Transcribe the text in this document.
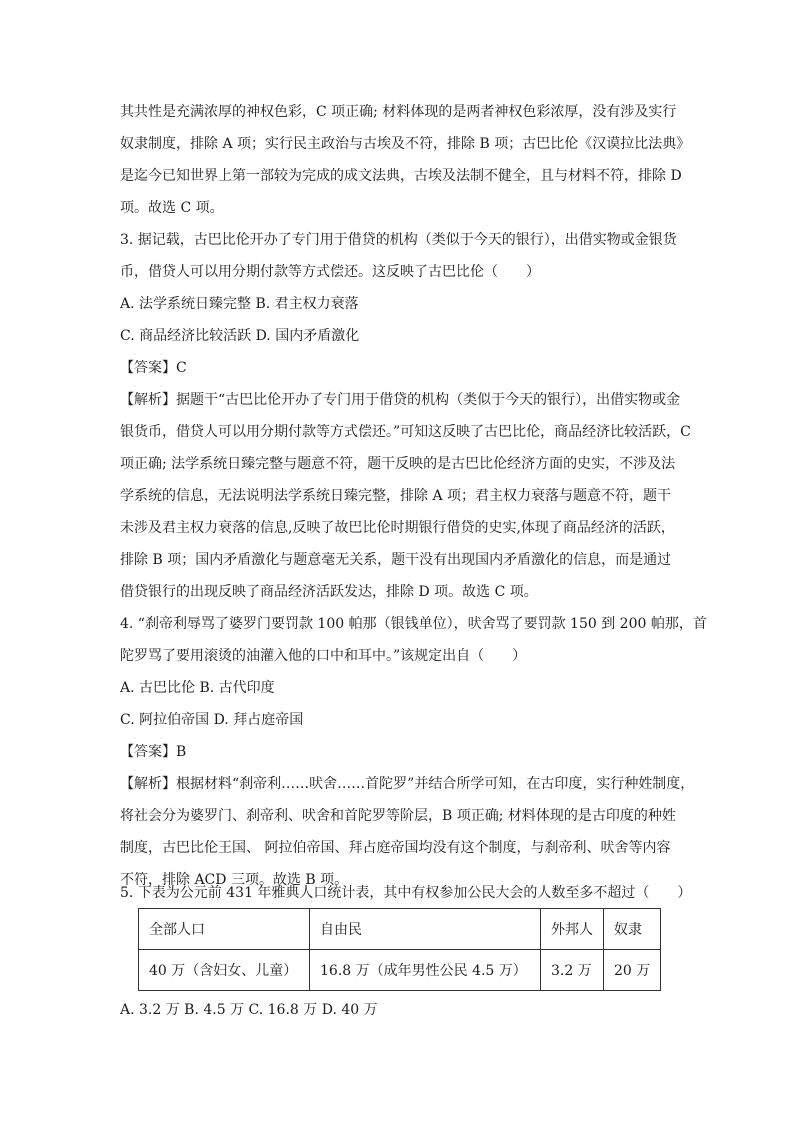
其共性是充满浓厚的神权色彩，C 项正确; 材料体现的是两者神权色彩浓厚，没有涉及实行
奴隶制度，排除 A 项；实行民主政治与古埃及不符，排除 B 项；古巴比伦《汉谟拉比法典》
是迄今已知世界上第一部较为完成的成文法典，古埃及法制不健全，且与材料不符，排除 D
项。故选 C 项。
3. 据记载，古巴比伦开办了专门用于借贷的机构（类似于今天的银行），出借实物或金银货
币，借贷人可以用分期付款等方式偿还。这反映了古巴比伦（　　）
A. 法学系统日臻完整 B. 君主权力衰落
C. 商品经济比较活跃 D. 国内矛盾激化
【答案】C
【解析】据题干“古巴比伦开办了专门用于借贷的机构（类似于今天的银行），出借实物或金
银货币，借贷人可以用分期付款等方式偿还。”可知这反映了古巴比伦，商品经济比较活跃，C
项正确; 法学系统日臻完整与题意不符，题干反映的是古巴比伦经济方面的史实，不涉及法
学系统的信息，无法说明法学系统日臻完整，排除 A 项；君主权力衰落与题意不符，题干
未涉及君主权力衰落的信息,反映了故巴比伦时期银行借贷的史实,体现了商品经济的活跃，
排除 B 项；国内矛盾激化与题意毫无关系，题干没有出现国内矛盾激化的信息，而是通过
借贷银行的出现反映了商品经济活跃发达，排除 D 项。故选 C 项。
4. “刹帝利辱骂了婆罗门要罚款 100 帕那（银钱单位），吠舍骂了要罚款 150 到 200 帕那，首
陀罗骂了要用滚烫的油灌入他的口中和耳中。”该规定出自（　　）
A. 古巴比伦 B. 古代印度
C. 阿拉伯帝国 D. 拜占庭帝国
【答案】B
【解析】根据材料“刹帝利……吠舍……首陀罗”并结合所学可知，在古印度，实行种姓制度，
将社会分为婆罗门、刹帝利、吠舍和首陀罗等阶层，B 项正确; 材料体现的是古印度的种姓
制度，古巴比伦王国、 阿拉伯帝国、拜占庭帝国均没有这个制度，与刹帝利、吠舍等内容
不符，排除 ACD 三项。故选 B 项。
5. 下表为公元前 431 年雅典人口统计表，其中有权参加公民大会的人数至多不超过（　　）
全部人口	自由民	外邦人	奴隶
40 万（含妇女、儿童）	16.8 万（成年男性公民 4.5 万）	3.2 万	20 万
A. 3.2 万 B. 4.5 万 C. 16.8 万 D. 40 万
